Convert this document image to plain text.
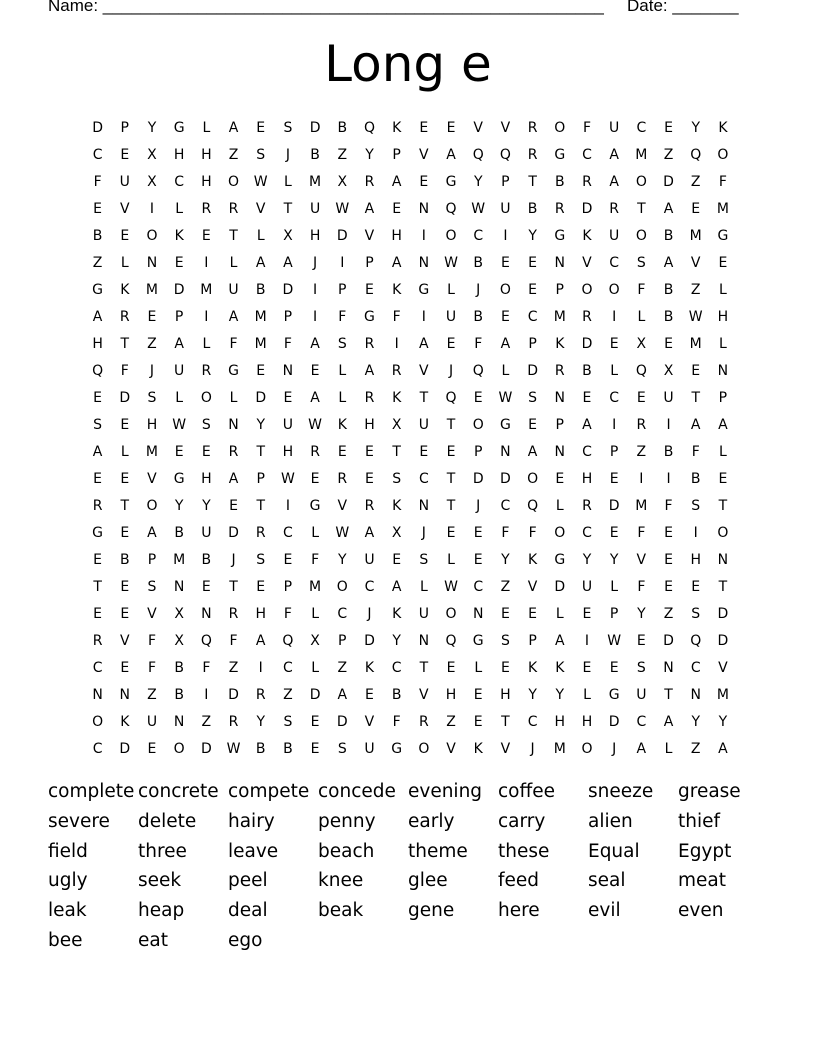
Name: _____________________________________________________ Date: _______
Long e
D	P	Y	G	L	A	E	S	D	B	Q	K	E	E	V	V	R	O	F	U	C	E	Y	K
C	E	X	H	H	Z	S	J	B	Z	Y	P	V	A	Q	Q	R	G	C	A	M	Z	Q	O
F	U	X	C	H	O	W	L	M	X	R	A	E	G	Y	P	T	B	R	A	O	D	Z	F
E	V	I	L	R	R	V	T	U	W	A	E	N	Q	W	U	B	R	D	R	T	A	E	M
B	E	O	K	E	T	L	X	H	D	V	H	I	O	C	I	Y	G	K	U	O	B	M	G
Z	L	N	E	I	L	A	A	J	I	P	A	N	W	B	E	E	N	V	C	S	A	V	E
G	K	M	D	M	U	B	D	I	P	E	K	G	L	J	O	E	P	O	O	F	B	Z	L
A	R	E	P	I	A	M	P	I	F	G	F	I	U	B	E	C	M	R	I	L	B	W	H
H	T	Z	A	L	F	M	F	A	S	R	I	A	E	F	A	P	K	D	E	X	E	M	L
Q	F	J	U	R	G	E	N	E	L	A	R	V	J	Q	L	D	R	B	L	Q	X	E	N
E	D	S	L	O	L	D	E	A	L	R	K	T	Q	E	W	S	N	E	C	E	U	T	P
S	E	H	W	S	N	Y	U	W	K	H	X	U	T	O	G	E	P	A	I	R	I	A	A
A	L	M	E	E	R	T	H	R	E	E	T	E	E	P	N	A	N	C	P	Z	B	F	L
E	E	V	G	H	A	P	W	E	R	E	S	C	T	D	D	O	E	H	E	I	I	B	E
R	T	O	Y	Y	E	T	I	G	V	R	K	N	T	J	C	Q	L	R	D	M	F	S	T
G	E	A	B	U	D	R	C	L	W	A	X	J	E	E	F	F	O	C	E	F	E	I	O
E	B	P	M	B	J	S	E	F	Y	U	E	S	L	E	Y	K	G	Y	Y	V	E	H	N
T	E	S	N	E	T	E	P	M	O	C	A	L	W	C	Z	V	D	U	L	F	E	E	T
E	E	V	X	N	R	H	F	L	C	J	K	U	O	N	E	E	L	E	P	Y	Z	S	D
R	V	F	X	Q	F	A	Q	X	P	D	Y	N	Q	G	S	P	A	I	W	E	D	Q	D
C	E	F	B	F	Z	I	C	L	Z	K	C	T	E	L	E	K	K	E	E	S	N	C	V
N	N	Z	B	I	D	R	Z	D	A	E	B	V	H	E	H	Y	Y	L	G	U	T	N	M
O	K	U	N	Z	R	Y	S	E	D	V	F	R	Z	E	T	C	H	H	D	C	A	Y	Y
C	D	E	O	D	W	B	B	E	S	U	G	O	V	K	V	J	M	O	J	A	L	Z	A
complete concrete compete concede evening coffee	sneeze	grease
severe	delete	hairy	penny	early	carry	alien	thief
field	three	leave	beach	theme	these	Equal	Egypt
ugly	seek	peel	knee	glee	feed	seal	meat
leak	heap	deal	beak	gene	here	evil	even
bee	eat	ego
